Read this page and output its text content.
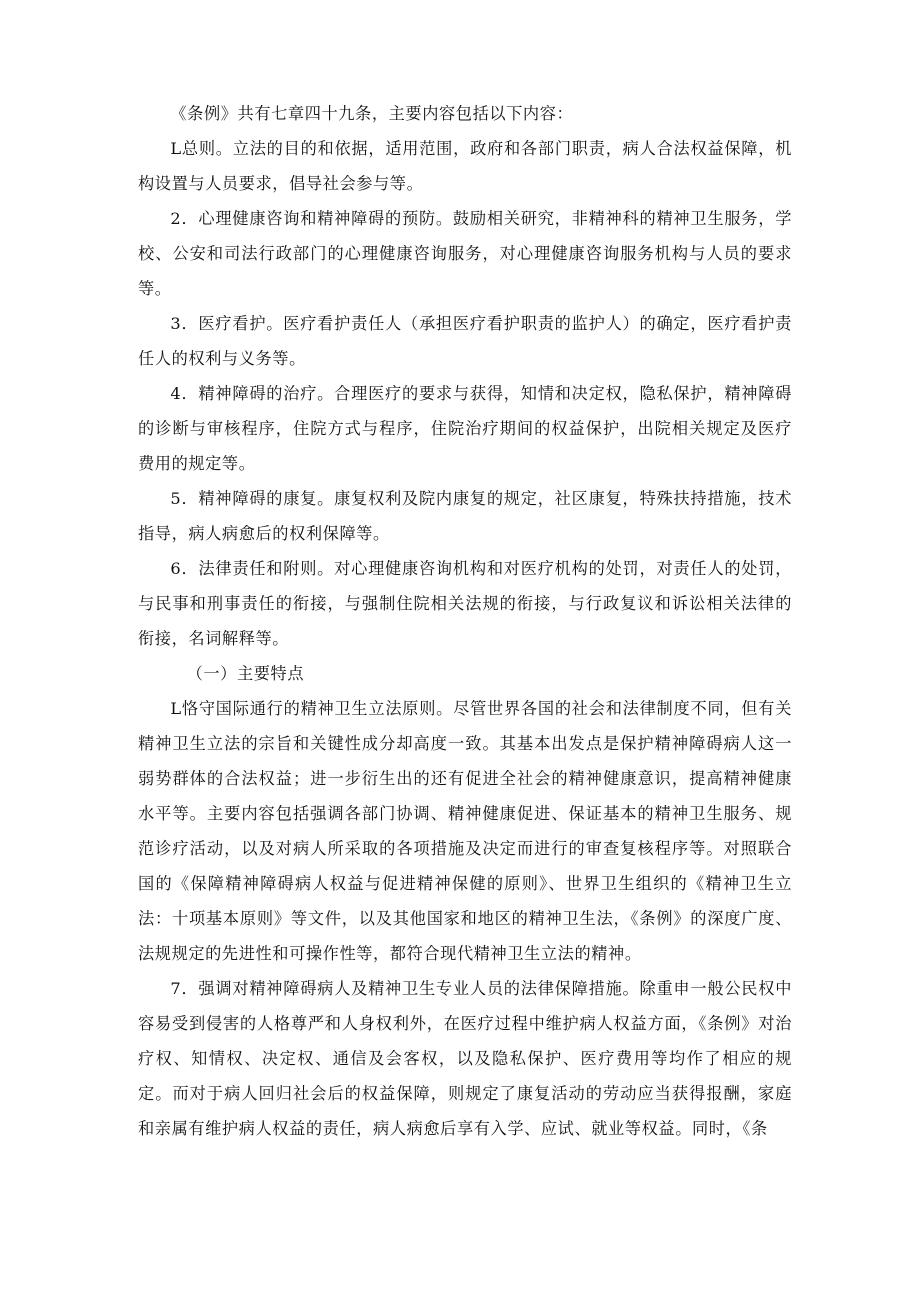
《条例》共有七章四十九条，主要内容包括以下内容：

L总则。立法的目的和依据，适用范围，政府和各部门职责，病人合法权益保障，机构设置与人员要求，倡导社会参与等。

2．心理健康咨询和精神障碍的预防。鼓励相关研究，非精神科的精神卫生服务，学校、公安和司法行政部门的心理健康咨询服务，对心理健康咨询服务机构与人员的要求等。

3．医疗看护。医疗看护责任人（承担医疗看护职责的监护人）的确定，医疗看护责任人的权利与义务等。

4．精神障碍的治疗。合理医疗的要求与获得，知情和决定权，隐私保护，精神障碍的诊断与审核程序，住院方式与程序，住院治疗期间的权益保护，出院相关规定及医疗费用的规定等。

5．精神障碍的康复。康复权利及院内康复的规定，社区康复，特殊扶持措施，技术指导，病人病愈后的权利保障等。

6．法律责任和附则。对心理健康咨询机构和对医疗机构的处罚，对责任人的处罚，与民事和刑事责任的衔接，与强制住院相关法规的衔接，与行政复议和诉讼相关法律的衔接，名词解释等。

（一）主要特点

L恪守国际通行的精神卫生立法原则。尽管世界各国的社会和法律制度不同，但有关精神卫生立法的宗旨和关键性成分却高度一致。其基本出发点是保护精神障碍病人这一弱势群体的合法权益；进一步衍生出的还有促进全社会的精神健康意识，提高精神健康水平等。主要内容包括强调各部门协调、精神健康促进、保证基本的精神卫生服务、规范诊疗活动，以及对病人所采取的各项措施及决定而进行的审查复核程序等。对照联合国的《保障精神障碍病人权益与促进精神保健的原则》、世界卫生组织的《精神卫生立法：十项基本原则》等文件，以及其他国家和地区的精神卫生法，《条例》的深度广度、法规规定的先进性和可操作性等，都符合现代精神卫生立法的精神。

7．强调对精神障碍病人及精神卫生专业人员的法律保障措施。除重申一般公民权中容易受到侵害的人格尊严和人身权利外，在医疗过程中维护病人权益方面，《条例》对治疗权、知情权、决定权、通信及会客权，以及隐私保护、医疗费用等均作了相应的规定。而对于病人回归社会后的权益保障，则规定了康复活动的劳动应当获得报酬，家庭和亲属有维护病人权益的责任，病人病愈后享有入学、应试、就业等权益。同时，《条
